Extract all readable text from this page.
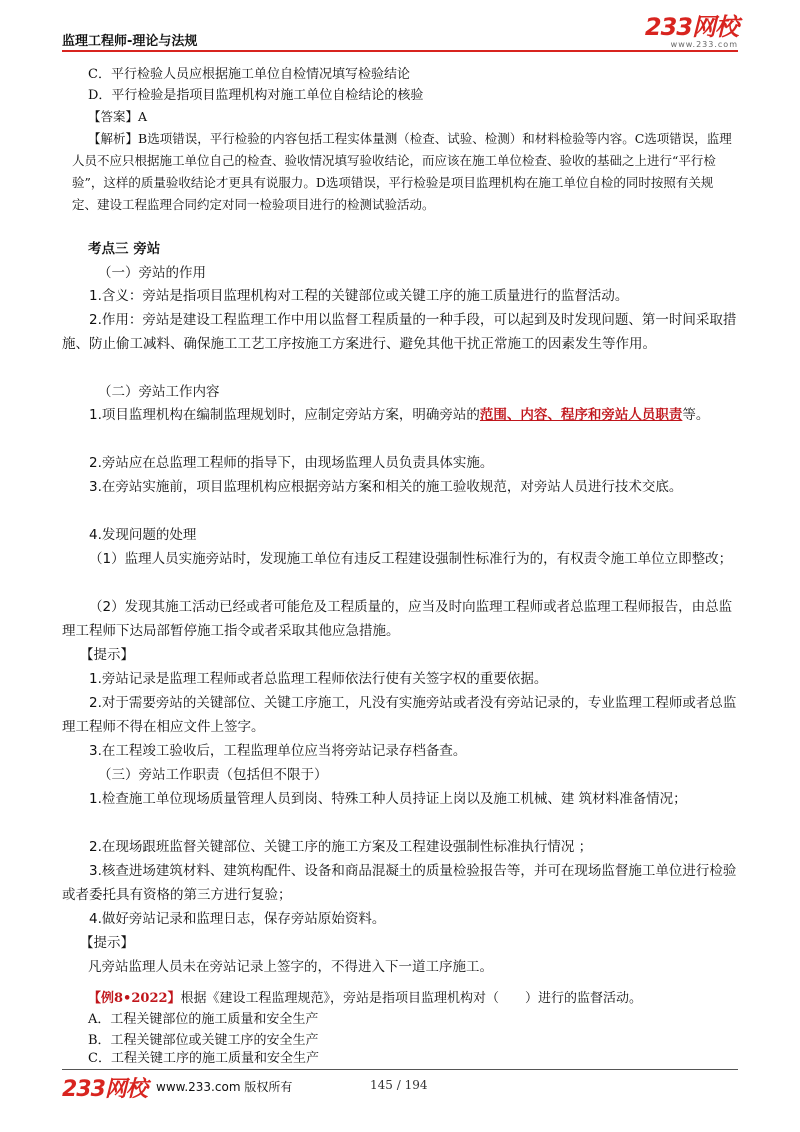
监理工程师-理论与法规
233网校
www.233.com
C．平行检验人员应根据施工单位自检情况填写检验结论
D．平行检验是指项目监理机构对施工单位自检结论的核验
【答案】A
【解析】B选项错误，平行检验的内容包括工程实体量测（检查、试验、检测）和材料检验等内容。C选项错误，监理人员不应只根据施工单位自己的检查、验收情况填写验收结论，而应该在施工单位检查、验收的基础之上进行“平行检验”，这样的质量验收结论才更具有说服力。D选项错误，平行检验是项目监理机构在施工单位自检的同时按照有关规定、建设工程监理合同约定对同一检验项目进行的检测试验活动。
考点三 旁站
（一）旁站的作用
1.含义：旁站是指项目监理机构对工程的关键部位或关键工序的施工质量进行的监督活动。
2.作用：旁站是建设工程监理工作中用以监督工程质量的一种手段，可以起到及时发现问题、第一时间采取措施、防止偷工减料、确保施工工艺工序按施工方案进行、避免其他干扰正常施工的因素发生等作用。
（二）旁站工作内容
1.项目监理机构在编制监理规划时，应制定旁站方案，明确旁站的范围、内容、程序和旁站人员职责等。
2.旁站应在总监理工程师的指导下，由现场监理人员负责具体实施。
3.在旁站实施前，项目监理机构应根据旁站方案和相关的施工验收规范，对旁站人员进行技术交底。
4.发现问题的处理
（1）监理人员实施旁站时，发现施工单位有违反工程建设强制性标准行为的，有权责令施工单位立即整改；
（2）发现其施工活动已经或者可能危及工程质量的，应当及时向监理工程师或者总监理工程师报告，由总监理工程师下达局部暂停施工指令或者采取其他应急措施。
【提示】
1.旁站记录是监理工程师或者总监理工程师依法行使有关签字权的重要依据。
2.对于需要旁站的关键部位、关键工序施工，凡没有实施旁站或者没有旁站记录的，专业监理工程师或者总监理工程师不得在相应文件上签字。
3.在工程竣工验收后，工程监理单位应当将旁站记录存档备查。
（三）旁站工作职责（包括但不限于）
1.检查施工单位现场质量管理人员到岗、特殊工种人员持证上岗以及施工机械、建 筑材料准备情况；
2.在现场跟班监督关键部位、关键工序的施工方案及工程建设强制性标准执行情况 ；
3.核查进场建筑材料、建筑构配件、设备和商品混凝土的质量检验报告等，并可在现场监督施工单位进行检验或者委托具有资格的第三方进行复验；
4.做好旁站记录和监理日志，保存旁站原始资料。
【提示】
凡旁站监理人员未在旁站记录上签字的，不得进入下一道工序施工。
【例8•2022】根据《建设工程监理规范》，旁站是指项目监理机构对（　　）进行的监督活动。
A．工程关键部位的施工质量和安全生产
B．工程关键部位或关键工序的安全生产
C．工程关键工序的施工质量和安全生产
233网校 www.233.com 版权所有	145 / 194
